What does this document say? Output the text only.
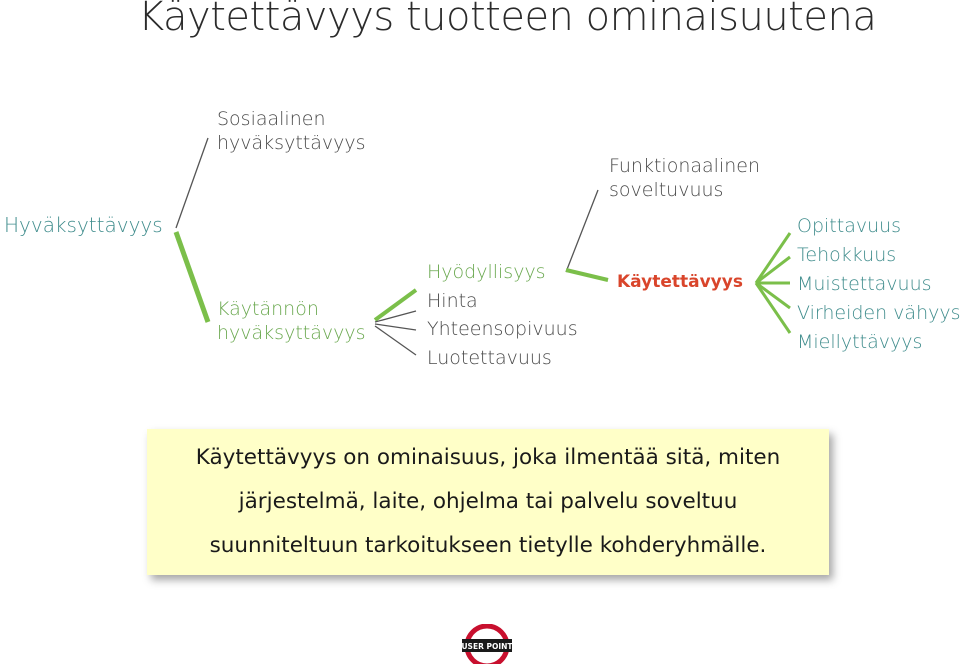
Käytettävyys tuotteen ominaisuutena
Hyväksyttävyys
Sosiaalinen
hyväksyttävyys
Käytännön
hyväksyttävyys
Hyödyllisyys
Hinta
Yhteensopivuus
Luotettavuus
Funktionaalinen
soveltuvuus
Käytettävyys
Opittavuus
Tehokkuus
Muistettavuus
Virheiden vähyys
Miellyttävyys
Käytettävyys on ominaisuus, joka ilmentää sitä, miten
järjestelmä, laite, ohjelma tai palvelu soveltuu
suunniteltuun tarkoitukseen tietylle kohderyhmälle.
USER POINT
